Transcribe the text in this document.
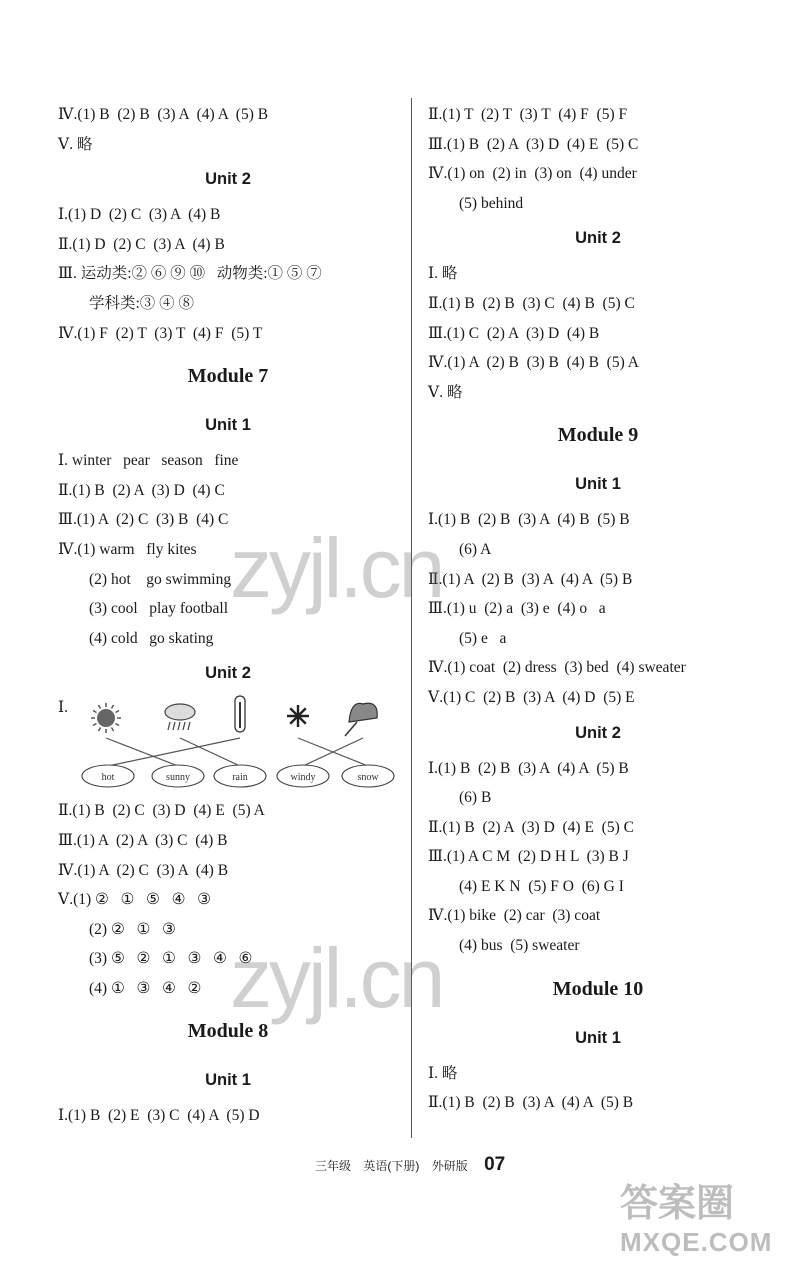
Ⅳ.(1) B  (2) B  (3) A  (4) A  (5) B
Ⅴ. 略
Unit 2
Ⅰ.(1) D  (2) C  (3) A  (4) B
Ⅱ.(1) D  (2) C  (3) A  (4) B
Ⅲ. 运动类:② ⑥ ⑨ ⑩   动物类:① ⑤ ⑦
学科类:③ ④ ⑧
Ⅳ.(1) F  (2) T  (3) T  (4) F  (5) T
Module 7
Unit 1
Ⅰ. winter   pear   season   fine
Ⅱ.(1) B  (2) A  (3) D  (4) C
Ⅲ.(1) A  (2) C  (3) B  (4) C
Ⅳ.(1) warm   fly kites
(2) hot    go swimming
(3) cool   play football
(4) cold   go skating
Unit 2
hot	sunny	rain	windy	snow
Ⅰ.
Ⅱ.(1) B  (2) C  (3) D  (4) E  (5) A
Ⅲ.(1) A  (2) A  (3) C  (4) B
Ⅳ.(1) A  (2) C  (3) A  (4) B
Ⅴ.(1) ②   ①   ⑤   ④   ③
(2) ②   ①   ③
(3) ⑤   ②   ①   ③   ④   ⑥
(4) ①   ③   ④   ②
Module 8
Unit 1
Ⅰ.(1) B  (2) E  (3) C  (4) A  (5) D
Ⅱ.(1) T  (2) T  (3) T  (4) F  (5) F
Ⅲ.(1) B  (2) A  (3) D  (4) E  (5) C
Ⅳ.(1) on  (2) in  (3) on  (4) under
(5) behind
Unit 2
Ⅰ. 略
Ⅱ.(1) B  (2) B  (3) C  (4) B  (5) C
Ⅲ.(1) C  (2) A  (3) D  (4) B
Ⅳ.(1) A  (2) B  (3) B  (4) B  (5) A
Ⅴ. 略
Module 9
Unit 1
Ⅰ.(1) B  (2) B  (3) A  (4) B  (5) B
(6) A
Ⅱ.(1) A  (2) B  (3) A  (4) A  (5) B
Ⅲ.(1) u  (2) a  (3) e  (4) o   a
(5) e   a
Ⅳ.(1) coat  (2) dress  (3) bed  (4) sweater
Ⅴ.(1) C  (2) B  (3) A  (4) D  (5) E
Unit 2
Ⅰ.(1) B  (2) B  (3) A  (4) A  (5) B
(6) B
Ⅱ.(1) B  (2) A  (3) D  (4) E  (5) C
Ⅲ.(1) A C M  (2) D H L  (3) B J
(4) E K N  (5) F O  (6) G I
Ⅳ.(1) bike  (2) car  (3) coat
(4) bus  (5) sweater
Module 10
Unit 1
Ⅰ. 略
Ⅱ.(1) B  (2) B  (3) A  (4) A  (5) B
三年级 英语(下册) 外研版 07
zyjl.cn
zyjl.cn
答案圈
MXQE.COM
